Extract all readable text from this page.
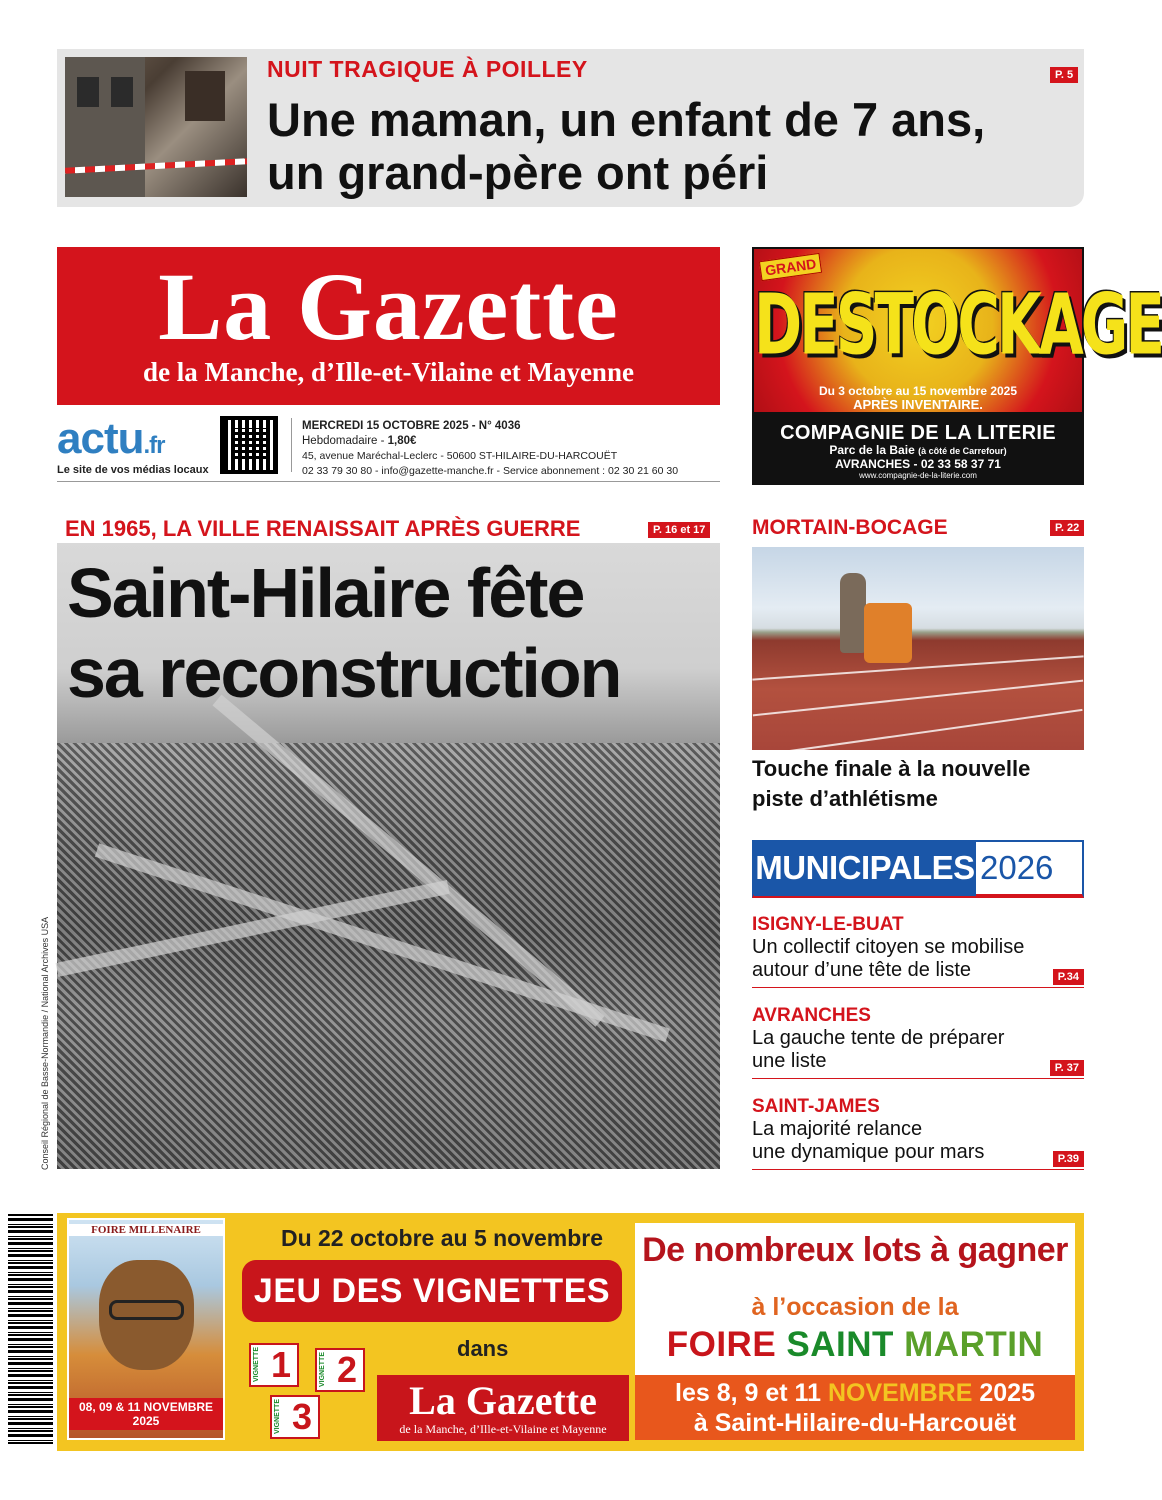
NUIT TRAGIQUE À POILLEY	P. 5
Une maman, un enfant de 7 ans,
un grand-père ont péri
La Gazette
de la Manche, d’Ille-et-Vilaine et Mayenne
actu.fr
Le site de vos médias locaux
MERCREDI 15 OCTOBRE 2025 - N° 4036
Hebdomadaire - 1,80€
45, avenue Maréchal-Leclerc - 50600 ST-HILAIRE-DU-HARCOUËT
02 33 79 30 80 - info@gazette-manche.fr - Service abonnement : 02 30 21 60 30
GRAND
DESTOCKAGE
Du 3 octobre au 15 novembre 2025
APRÈS INVENTAIRE.
COMPAGNIE DE LA LITERIE
Parc de la Baie (à côté de Carrefour)
AVRANCHES - 02 33 58 37 71
www.compagnie-de-la-literie.com
EN 1965, LA VILLE RENAISSAIT APRÈS GUERRE	P. 16 et 17
Saint-Hilaire fête
sa reconstruction
Conseil Régional de Basse-Normandie / National Archives USA
MORTAIN-BOCAGE	P. 22
Touche finale à la nouvelle
piste d’athlétisme
MUNICIPALES 2026
ISIGNY-LE-BUAT
Un collectif citoyen se mobilise
autour d’une tête de liste	P.34
AVRANCHES
La gauche tente de préparer
une liste	P. 37
SAINT-JAMES
La majorité relance
une dynamique pour mars	P.39
FOIRE MILLENAIRE
08, 09 & 11 NOVEMBRE 2025
Du 22 octobre au 5 novembre
JEU DES VIGNETTES
dans
VIGNETTE 1	VIGNETTE 2
VIGNETTE 3	La Gazette
de la Manche, d’Ille-et-Vilaine et Mayenne
De nombreux lots à gagner
à l’occasion de la
FOIRE SAINT MARTIN
les 8, 9 et 11 NOVEMBRE 2025
à Saint-Hilaire-du-Harcouët
